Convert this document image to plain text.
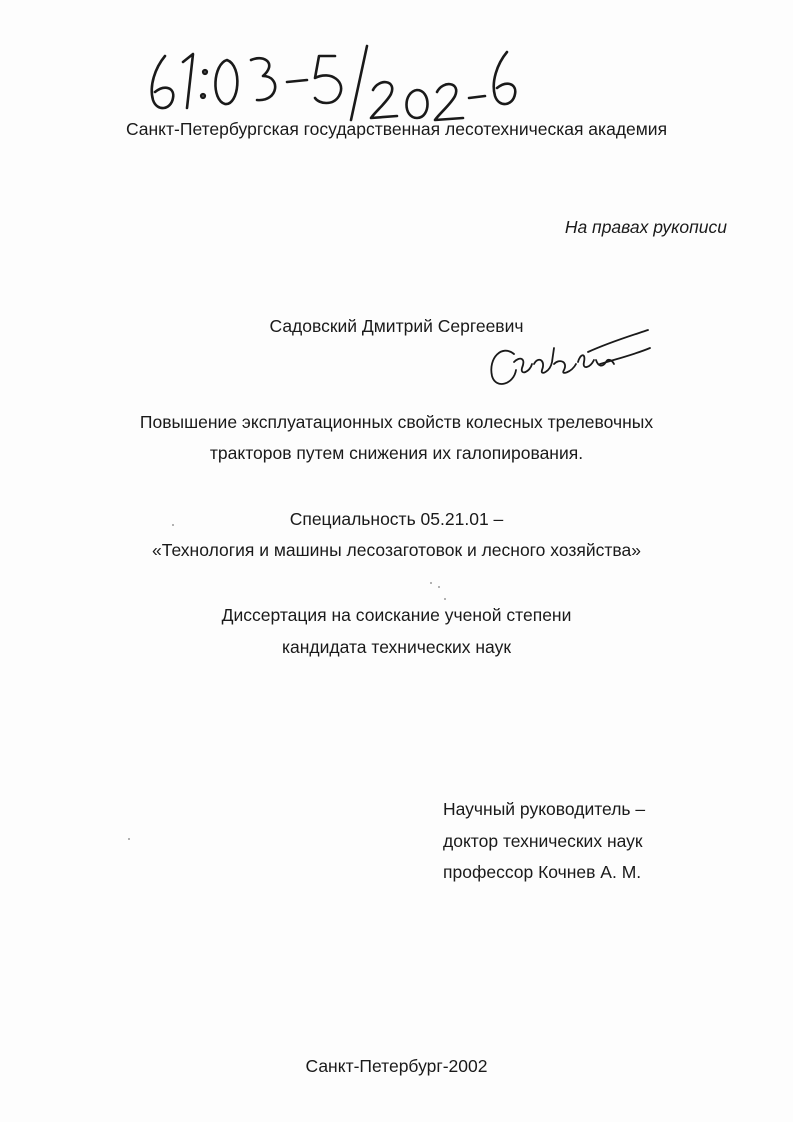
Санкт-Петербургская государственная лесотехническая академия
На правах рукописи
Садовский Дмитрий Сергеевич
Повышение эксплуатационных свойств колесных трелевочных
тракторов путем снижения их галопирования.
Специальность 05.21.01 –
«Технология и машины лесозаготовок и лесного хозяйства»
Диссертация на соискание ученой степени
кандидата технических наук
Научный руководитель –
доктор технических наук
профессор Кочнев А. М.
Санкт-Петербург-2002
